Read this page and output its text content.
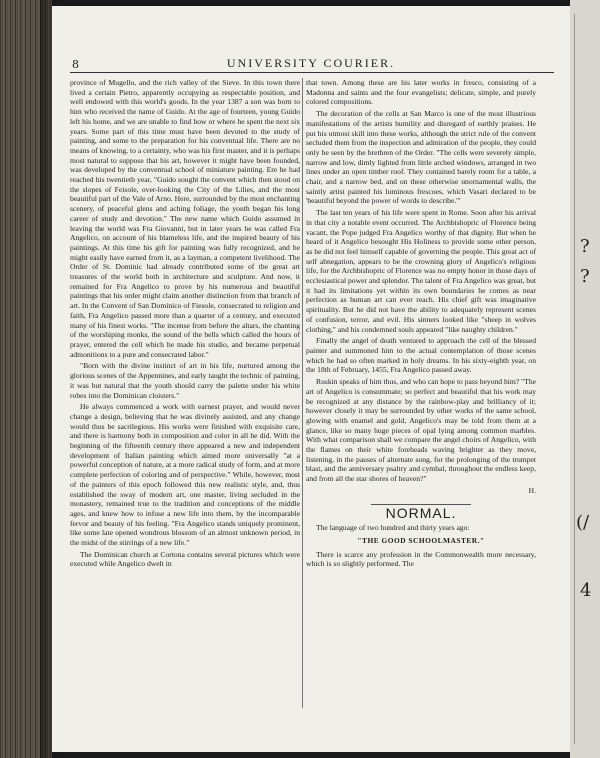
8	UNIVERSITY COURIER.

province of Mugello, and the rich valley of the Sieve. In this town there lived a certain Pietro, apparently occupying as respectable position, and well endowed with this world's goods. In the year 1387 a son was born to him who received the name of Guido. At the age of fourteen, young Guido left his home, and we are unable to find how or where he spent the next six years. Some part of this time must have been devoted to the study of painting, and some to the preparation for his conventual life. There are no means of knowing, to a certainty, who was his first master, and it is perhaps most natural to suppose that his art, however it might have been founded, was developed by the conventual school of miniature painting. Ere he had reached his twentieth year, "Guido sought the convent which then stood on the slopes of Feisole, over-looking the City of the Lilies, and the most beautiful part of the Vale of Arno. Here, surrounded by the most enchanting scenery, of peaceful glens and aching foliage, the youth began his long career of study and devotion." The new name which Guido assumed in leaving the world was Fra Giovanni, but in later years he was called Fra Angelico, on account of his blameless life, and the inspired beauty of his paintings. At this time his gift for painting was fully recognized, and he might easily have earned from it, as a layman, a competent livelihood. The Order of St. Dominic had already contributed some of the great art treasures of the world both in architecture and sculpture. And now, it remained for Fra Angelico to prove by his numerous and beautiful paintings that his order might claim another distinction from that branch of art. In the Convent of San Dominico of Fiesole, consecrated to religion and faith, Fra Angelico passed more than a quarter of a century, and executed many of his finest works. "The incense from before the altars, the chanting of the worshiping monks, the sound of the bells which called the hours of prayer, entered the cell which he made his studio, and became perpetual admonitions to a pure and consecrated labor."

"Born with the divine instinct of art in his life, nurtured among the glorious scenes of the Appennines, and early taught the technic of painting, it was but natural that the youth should carry the palette under his white robes into the Dominican cloisters."

He always commenced a work with earnest prayer, and would never change a design, believing that he was divinely assisted, and any change would thus be sacrilegious. His works were finished with exquisite care, and there is harmony both in composition and color in all he did. With the beginning of the fifteenth century there appeared a new and independent development of Italian painting which aimed more universally "at a powerful conception of nature, at a more radical study of form, and at more complete perfection of coloring and of perspective." While, however, most of the painters of this epoch followed this new realistic style, and, thus established the sway of modern art, one master, living secluded in the monastery, remained true to the tradition and conceptions of the middle ages, and knew how to infuse a new life into them, by the incomparable fervor and beauty of his feeling. "Fra Angelico stands uniquely prominent, like some late opened wondrous blossom of an almost unknown period, in the midst of the stirrings of a new life."

The Dominican church at Cortona contains several pictures which were executed while Angelico dwelt in

that town. Among these are his later works in fresco, consisting of a Madonna and saints and the four evangelists; delicate, simple, and purely colored compositions.

The decoration of the cells at San Marco is one of the most illustrious manifestations of the artists humility and disregard of earthly praises. He put his utmost skill into these works, although the strict rule of the convent secluded them from the inspection and admiration of the people, they could only be seen by the brethren of the Order. "The cells were severely simple, narrow and low, dimly lighted from little arched windows, arranged in two lines under an open timber roof. They contained barely room for a table, a chair, and a narrow bed, and on these otherwise unornamental walls, the saintly artist painted his luminous frescoes, which Vasari declared to be 'beautiful beyond the power of words to describe.'"

The last ten years of his life were spent in Rome. Soon after his arrival in that city a notable event occurred. The Archbishopric of Florence being vacant, the Pope judged Fra Angelico worthy of that dignity. But when he heard of it Angelico besought His Holiness to provide some other person, as he did not feel himself capable of governing the people. This great act of self abnegation, appears to be the crowning glory of Angelico's religious life, for the Archbishopric of Florence was no empty honor in those days of ecclesiastical power and splendor. The talent of Fra Angelico was great, but it had its limitations yet within its own boundaries he comes as near perfection as human art can ever reach. His chief gift was imaginative spirituality. But he did not have the ability to adequately represent scenes of confusion, terror, and evil. His sinners looked like "sheep in wolves clothing," and his condemned souls appeared "like naughty children."

Finally the angel of death ventured to approach the cell of the blessed painter and summoned him to the actual contemplation of those scenes which he had so often marked in holy dreams. In his sixty-eighth year, on the 18th of February, 1455, Fra Angelico passed away.

Ruskin speaks of him thus, and who can hope to pass beyond him? "The art of Angelico is consummate; so perfect and beautiful that his work may be recognized at any distance by the rainbow-play and brilliancy of it; however closely it may be surrounded by other works of the same school, glowing with enamel and gold, Angelico's may be told from them at a glance, like so many huge pieces of opal lying among common marbles. With what comparison shall we compare the angel choirs of Angelico, with the flames on their white foreheads waving brighter as they move, listening, in the pauses of alternate song, for the prolonging of the trumpet blast, and the anniversary psaltry and cymbal, throughout the endless keep, and from all the star shores of heaven?"

H.

NORMAL.

The language of two hundred and thirty years ago:

"THE GOOD SCHOOLMASTER."

There is scarce any profession in the Commonwealth more necessary, which is so slightly performed. The

?
?
(/
4
